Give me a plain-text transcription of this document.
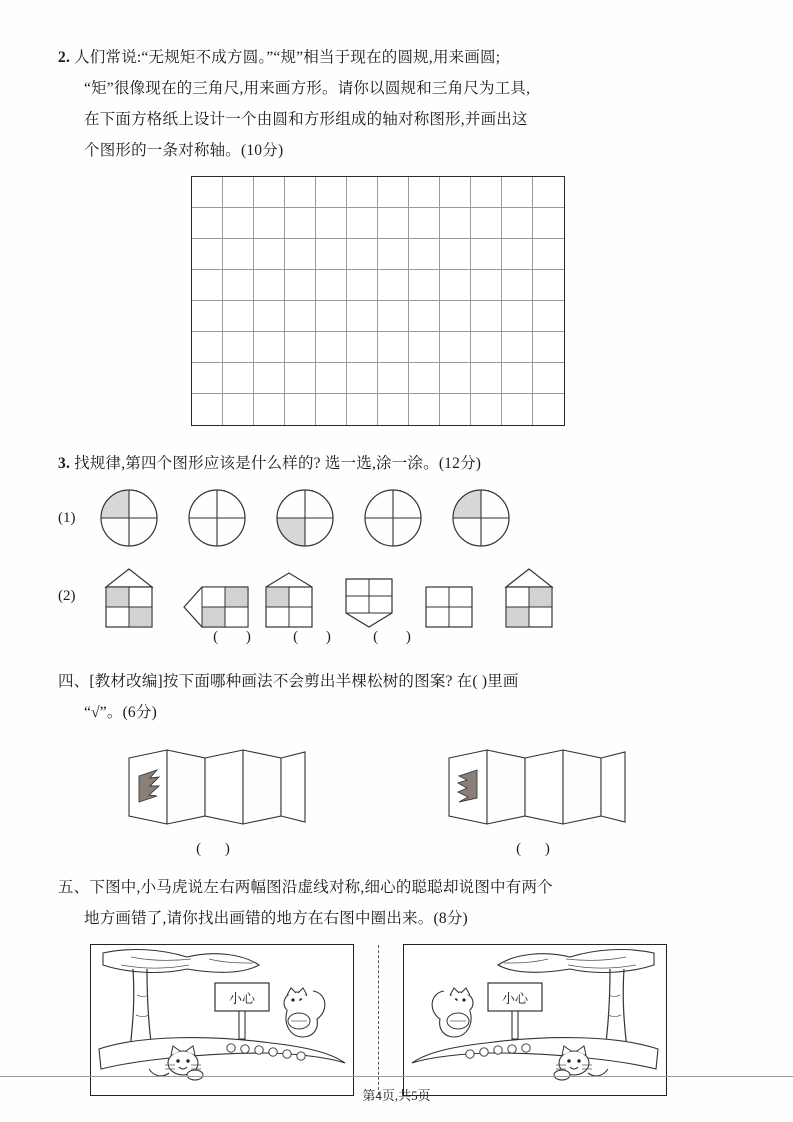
2. 人们常说:“无规矩不成方圆。”“规”相当于现在的圆规,用来画圆;
“矩”很像现在的三角尺,用来画方形。请你以圆规和三角尺为工具,
在下面方格纸上设计一个由圆和方形组成的轴对称图形,并画出这
个图形的一条对称轴。(10分)
3. 找规律,第四个图形应该是什么样的? 选一选,涂一涂。(12分)
(1)
(2)
( )	( )	( )
四、[教材改编]按下面哪种画法不会剪出半棵松树的图案? 在( )里画
“√”。(6分)
( )	( )
五、下图中,小马虎说左右两幅图沿虚线对称,细心的聪聪却说图中有两个
地方画错了,请你找出画错的地方在右图中圈出来。(8分)
小心	小心
第4页,共5页
